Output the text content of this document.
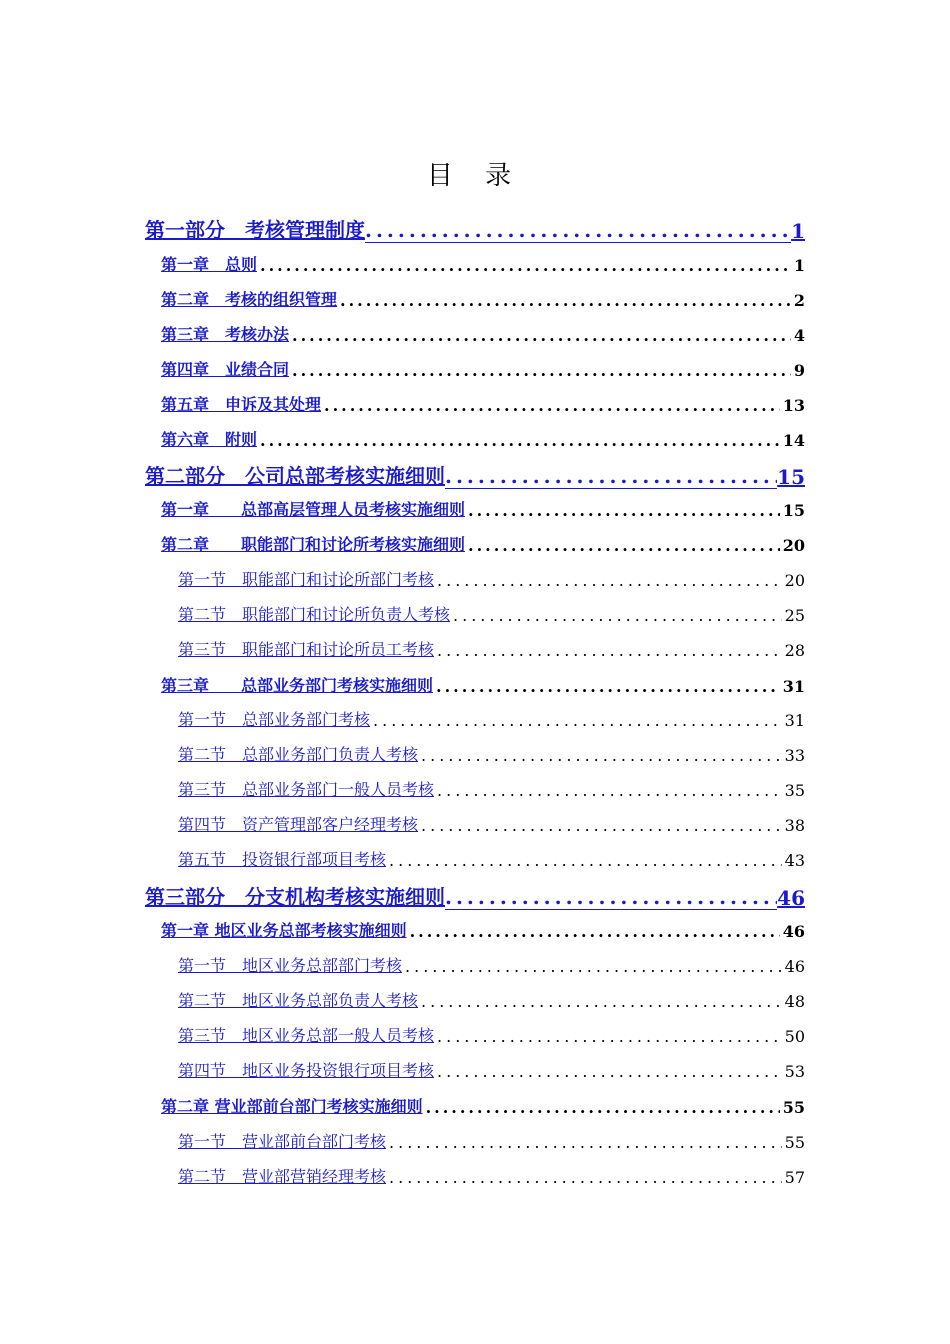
目 录
第一部分　考核管理制度 .....	1
第一章　总则 .....	1
第二章　考核的组织管理 .....	2
第三章　考核办法 .....	4
第四章　业绩合同 .....	9
第五章　申诉及其处理 .....	13
第六章　附则 .....	14
第二部分　公司总部考核实施细则 .....	15
第一章　　总部高层管理人员考核实施细则 .....	15
第二章　　职能部门和讨论所考核实施细则 .....	20
第一节　职能部门和讨论所部门考核 .....	20
第二节　职能部门和讨论所负责人考核 .....	25
第三节　职能部门和讨论所员工考核 .....	28
第三章　　总部业务部门考核实施细则 .....	31
第一节　总部业务部门考核 .....	31
第二节　总部业务部门负责人考核 .....	33
第三节　总部业务部门一般人员考核 .....	35
第四节　资产管理部客户经理考核 .....	38
第五节　投资银行部项目考核 .....	43
第三部分　分支机构考核实施细则 .....	46
第一章 地区业务总部考核实施细则 .....	46
第一节　地区业务总部部门考核 .....	46
第二节　地区业务总部负责人考核 .....	48
第三节　地区业务总部一般人员考核 .....	50
第四节　地区业务投资银行项目考核 .....	53
第二章 营业部前台部门考核实施细则 .....	55
第一节　营业部前台部门考核 .....	55
第二节　营业部营销经理考核 .....	57
